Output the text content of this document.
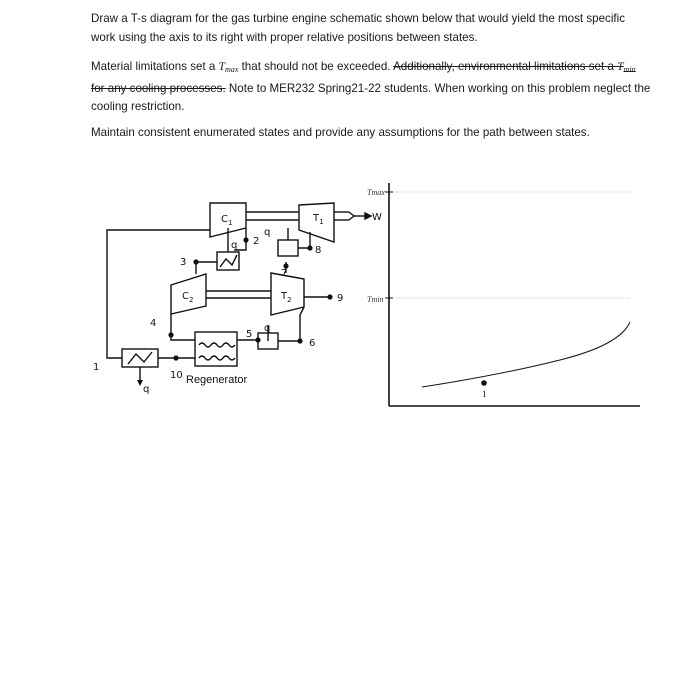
Draw a T-s diagram for the gas turbine engine schematic shown below that would yield the most specific work using the axis to its right with proper relative positions between states.
Material limitations set a $T_{max}$ that should not be exceeded. Additionally, environmental limitations set a $T_{min}$ for any cooling processes. Note to MER232 Spring21-22 students. When working on this problem neglect the cooling restriction.
Maintain consistent enumerated states and provide any assumptions for the path between states.
$C_1$	$T_1$
$C_2$	$T_2$
W
Regenerator
1
2
3
4
5
6
7
8
9
10
q
q
q
q
Tmax
Tmin
1
